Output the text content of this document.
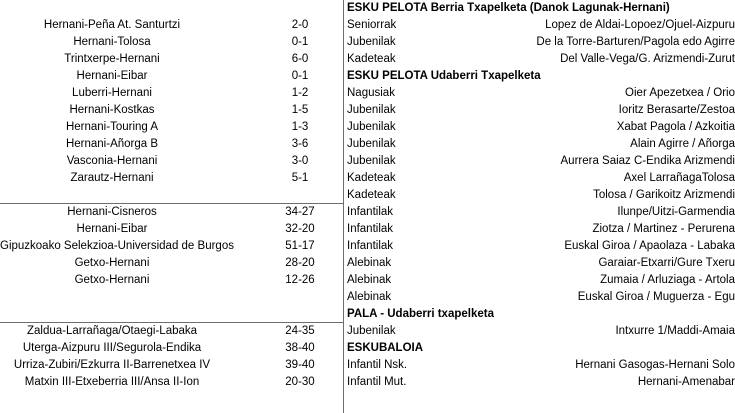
Hernani-Peña At. Santurtzi	2-0
Hernani-Tolosa	0-1
Trintxerpe-Hernani	6-0
Hernani-Eibar	0-1
Luberri-Hernani	1-2
Hernani-Kostkas	1-5
Hernani-Touring A	1-3
Hernani-Añorga B	3-6
Vasconia-Hernani	3-0
Zarautz-Hernani	5-1
Hernani-Cisneros	34-27
Hernani-Eibar	32-20
Gipuzkoako Selekzioa-Universidad de Burgos	51-17
Getxo-Hernani	28-20
Getxo-Hernani	12-26
Zaldua-Larrañaga/Otaegi-Labaka	24-35
Uterga-Aizpuru III/Segurola-Endika	38-40
Urriza-Zubiri/Ezkurra II-Barrenetxea IV	39-40
Matxin III-Etxeberria III/Ansa II-Ion	20-30
ESKU PELOTA Berria Txapelketa (Danok Lagunak-Hernani)
Seniorrak	Lopez de Aldai-Lopoez/Ojuel-Aizpuru
Jubenilak	De la Torre-Barturen/Pagola edo Agirre
Kadeteak	Del Valle-Vega/G. Arizmendi-Zurut
ESKU PELOTA Udaberri Txapelketa
Nagusiak	Oier Apezetxea / Orio
Jubenilak	Ioritz Berasarte/Zestoa
Jubenilak	Xabat Pagola / Azkoitia
Jubenilak	Alain Agirre / Añorga
Jubenilak	Aurrera Saiaz C-Endika Arizmendi
Kadeteak	Axel LarrañagaTolosa
Kadeteak	Tolosa / Garikoitz Arizmendi
Infantilak	Ilunpe/Uitzi-Garmendia
Infantilak	Ziotza / Martinez - Perurena
Infantilak	Euskal Giroa / Apaolaza - Labaka
Alebinak	Garaiar-Etxarri/Gure Txeru
Alebinak	Zumaia / Arluziaga - Artola
Alebinak	Euskal Giroa / Muguerza - Egu
PALA - Udaberri txapelketa
Jubenilak	Intxurre 1/Maddi-Amaia
ESKUBALOIA
Infantil Nsk.	Hernani Gasogas-Hernani Solo
Infantil Mut.	Hernani-Amenabar
